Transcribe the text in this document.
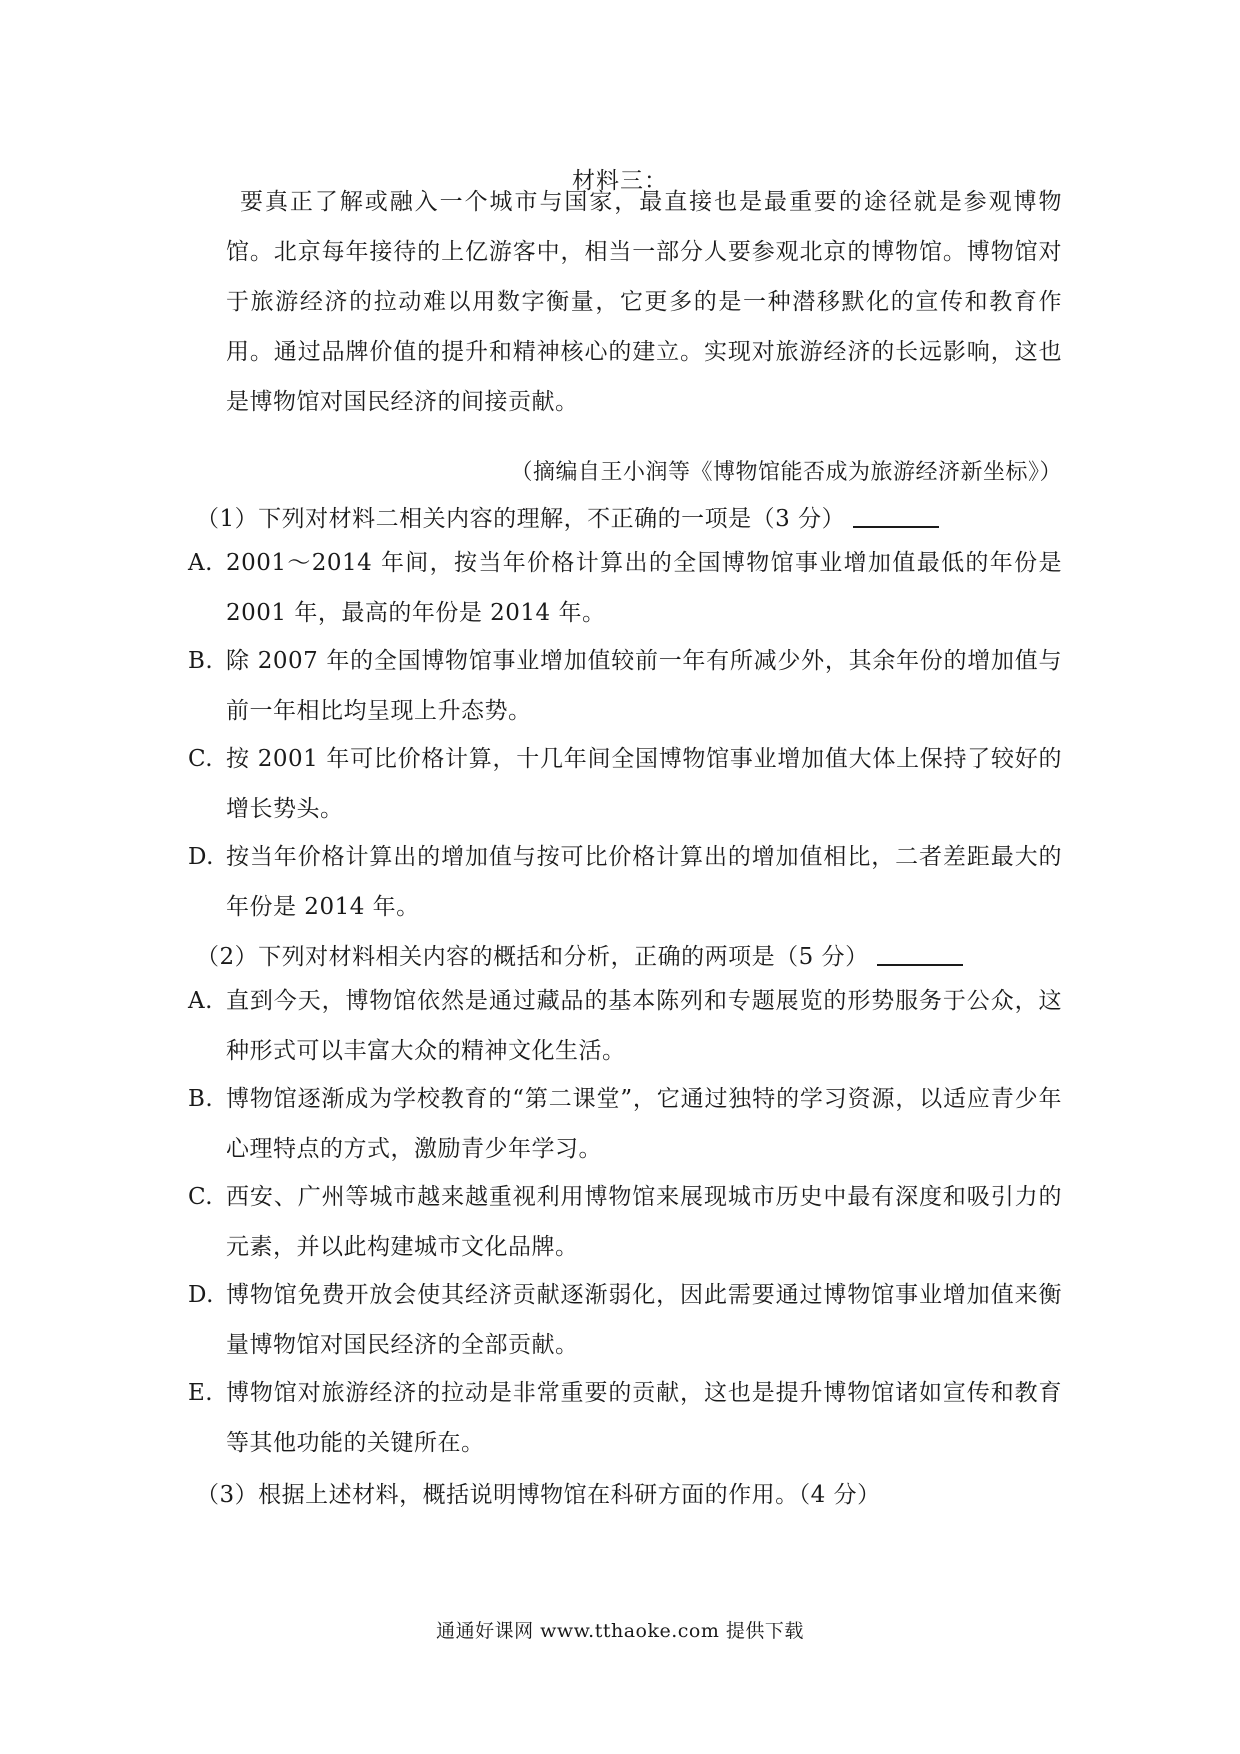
材料三：
要真正了解或融入一个城市与国家，最直接也是最重要的途径就是参观博物馆。北京每年接待的上亿游客中，相当一部分人要参观北京的博物馆。博物馆对于旅游经济的拉动难以用数字衡量，它更多的是一种潜移默化的宣传和教育作用。通过品牌价值的提升和精神核心的建立。实现对旅游经济的长远影响，这也是博物馆对国民经济的间接贡献。
（摘编自王小润等《博物馆能否成为旅游经济新坐标》）
（1）下列对材料二相关内容的理解，不正确的一项是（3 分）
A. 2001～2014 年间，按当年价格计算出的全国博物馆事业增加值最低的年份是 2001 年，最高的年份是 2014 年。
B. 除 2007 年的全国博物馆事业增加值较前一年有所减少外，其余年份的增加值与前一年相比均呈现上升态势。
C. 按 2001 年可比价格计算，十几年间全国博物馆事业增加值大体上保持了较好的增长势头。
D. 按当年价格计算出的增加值与按可比价格计算出的增加值相比，二者差距最大的年份是 2014 年。
（2）下列对材料相关内容的概括和分析，正确的两项是（5 分）
A. 直到今天，博物馆依然是通过藏品的基本陈列和专题展览的形势服务于公众，这种形式可以丰富大众的精神文化生活。
B. 博物馆逐渐成为学校教育的“第二课堂”，它通过独特的学习资源，以适应青少年心理特点的方式，激励青少年学习。
C. 西安、广州等城市越来越重视利用博物馆来展现城市历史中最有深度和吸引力的元素，并以此构建城市文化品牌。
D. 博物馆免费开放会使其经济贡献逐渐弱化，因此需要通过博物馆事业增加值来衡量博物馆对国民经济的全部贡献。
E. 博物馆对旅游经济的拉动是非常重要的贡献，这也是提升博物馆诸如宣传和教育等其他功能的关键所在。
（3）根据上述材料，概括说明博物馆在科研方面的作用。（4 分）
通通好课网 www.tthaoke.com 提供下载
